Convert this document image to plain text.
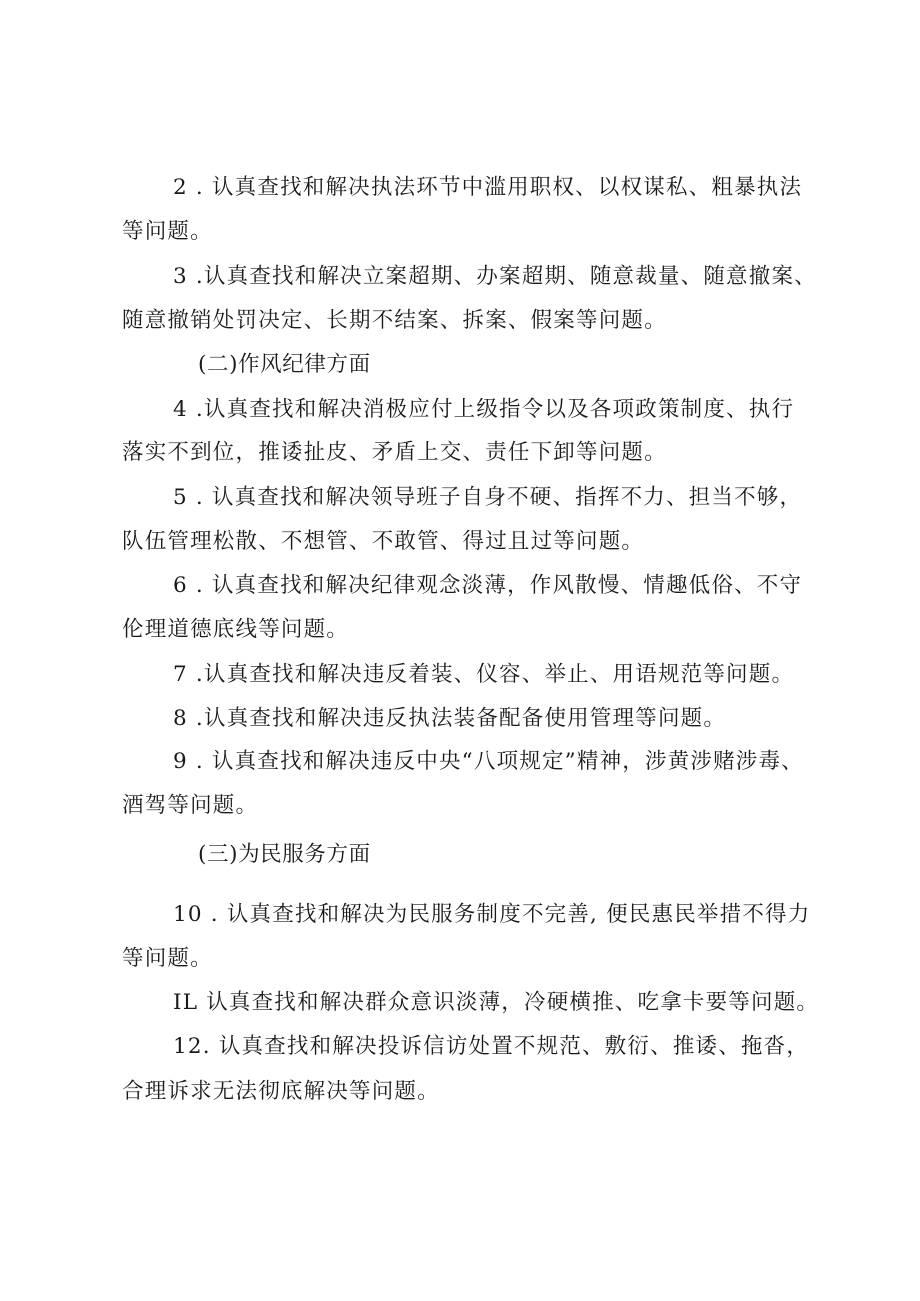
2 . 认真查找和解决执法环节中滥用职权、以权谋私、粗暴执法
等问题。
3 .认真查找和解决立案超期、办案超期、随意裁量、随意撤案、
随意撤销处罚决定、长期不结案、拆案、假案等问题。
(二)作风纪律方面
4 .认真查找和解决消极应付上级指令以及各项政策制度、执行
落实不到位，推诿扯皮、矛盾上交、责任下卸等问题。
5 . 认真查找和解决领导班子自身不硬、指挥不力、担当不够，
队伍管理松散、不想管、不敢管、得过且过等问题。
6 . 认真查找和解决纪律观念淡薄，作风散慢、情趣低俗、不守
伦理道德底线等问题。
7 .认真查找和解决违反着装、仪容、举止、用语规范等问题。
8 .认真查找和解决违反执法装备配备使用管理等问题。
9 . 认真查找和解决违反中央“八项规定”精神，涉黄涉赌涉毒、
酒驾等问题。
(三)为民服务方面
10 . 认真查找和解决为民服务制度不完善, 便民惠民举措不得力
等问题。
IL 认真查找和解决群众意识淡薄，冷硬横推、吃拿卡要等问题。
12. 认真查找和解决投诉信访处置不规范、敷衍、推诿、拖沓，
合理诉求无法彻底解决等问题。
